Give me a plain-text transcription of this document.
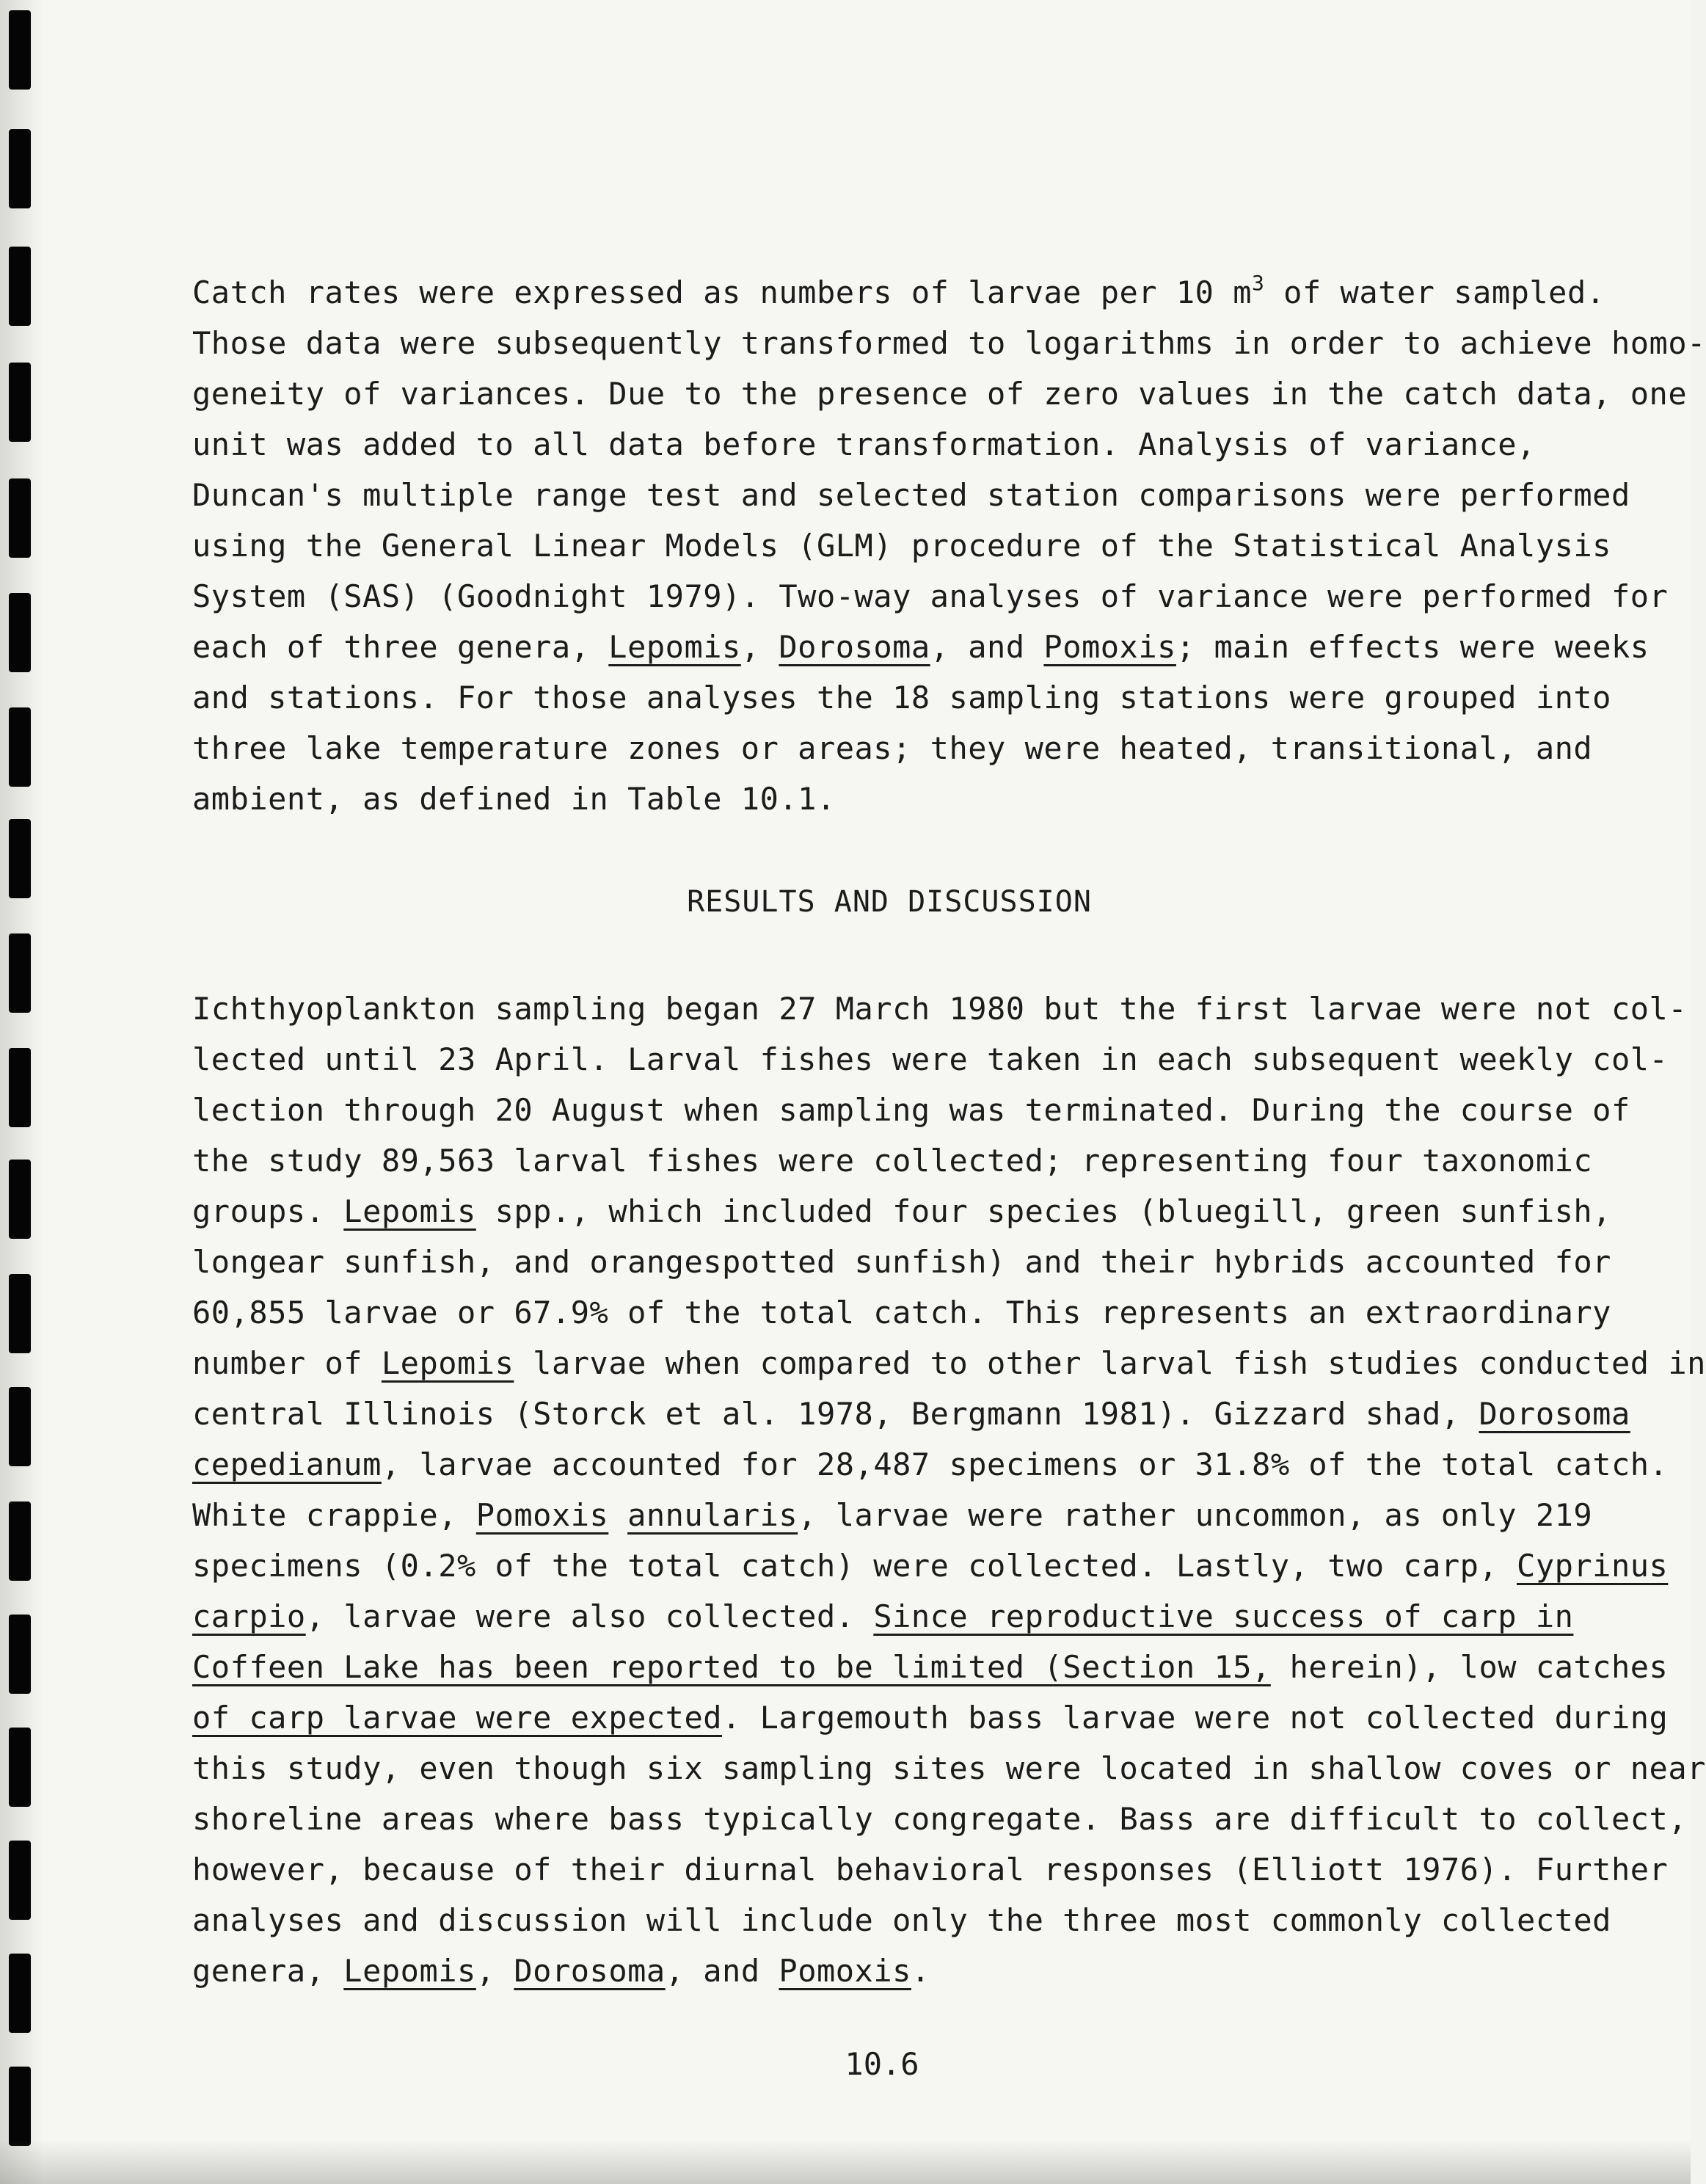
Catch rates were expressed as numbers of larvae per 10 $m^3$ of water sampled.
Those data were subsequently transformed to logarithms in order to achieve homo-
geneity of variances. Due to the presence of zero values in the catch data, one
unit was added to all data before transformation. Analysis of variance,
Duncan's multiple range test and selected station comparisons were performed
using the General Linear Models (GLM) procedure of the Statistical Analysis
System (SAS) (Goodnight 1979). Two-way analyses of variance were performed for
each of three genera, Lepomis, Dorosoma, and Pomoxis; main effects were weeks
and stations. For those analyses the 18 sampling stations were grouped into
three lake temperature zones or areas; they were heated, transitional, and
ambient, as defined in Table 10.1.
RESULTS AND DISCUSSION
Ichthyoplankton sampling began 27 March 1980 but the first larvae were not col-
lected until 23 April. Larval fishes were taken in each subsequent weekly col-
lection through 20 August when sampling was terminated. During the course of
the study 89,563 larval fishes were collected; representing four taxonomic
groups. Lepomis spp., which included four species (bluegill, green sunfish,
longear sunfish, and orangespotted sunfish) and their hybrids accounted for
60,855 larvae or 67.9% of the total catch. This represents an extraordinary
number of Lepomis larvae when compared to other larval fish studies conducted in
central Illinois (Storck et al. 1978, Bergmann 1981). Gizzard shad, Dorosoma
cepedianum, larvae accounted for 28,487 specimens or 31.8% of the total catch.
White crappie, Pomoxis annularis, larvae were rather uncommon, as only 219
specimens (0.2% of the total catch) were collected. Lastly, two carp, Cyprinus
carpio, larvae were also collected. Since reproductive success of carp in
Coffeen Lake has been reported to be limited (Section 15, herein), low catches
of carp larvae were expected. Largemouth bass larvae were not collected during
this study, even though six sampling sites were located in shallow coves or near
shoreline areas where bass typically congregate. Bass are difficult to collect,
however, because of their diurnal behavioral responses (Elliott 1976). Further
analyses and discussion will include only the three most commonly collected
genera, Lepomis, Dorosoma, and Pomoxis.
10.6
